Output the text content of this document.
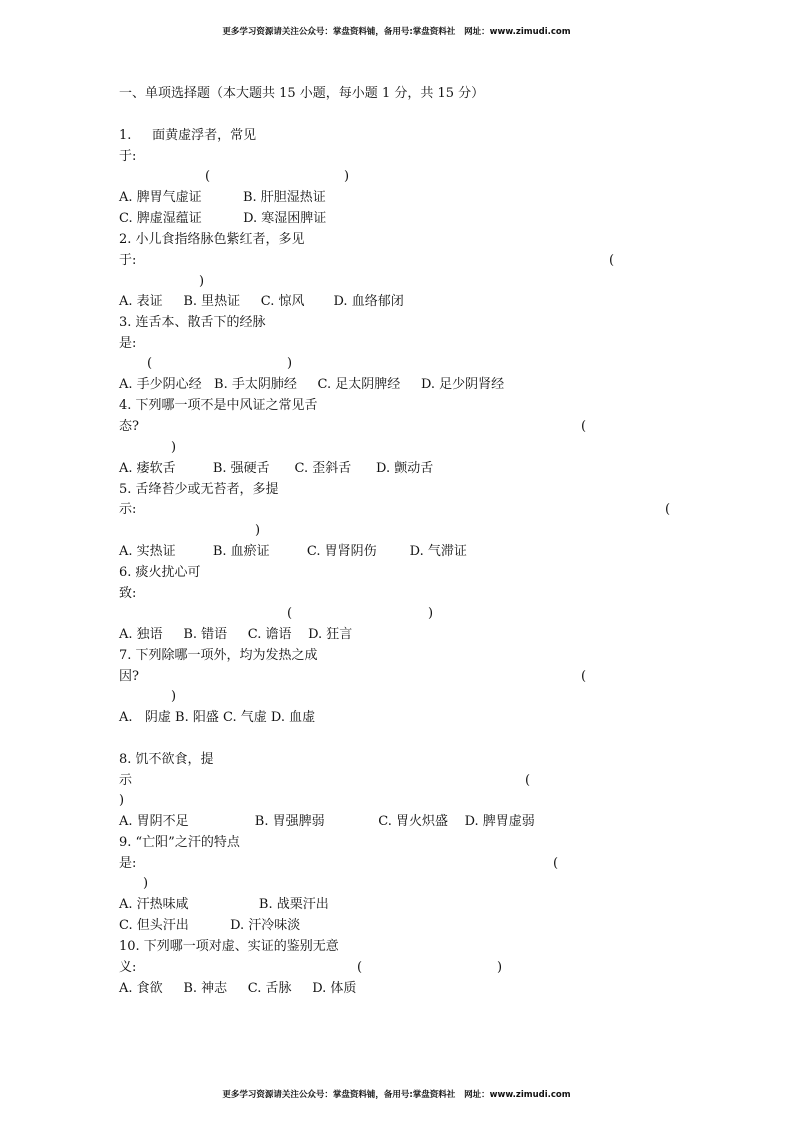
更多学习资源请关注公众号：掌盘资料铺，备用号:掌盘资料社   网址：www.zimudi.com
一、单项选择题（本大题共 15 小题，每小题 1 分，共 15 分）
1.     面黄虚浮者，常见
于:
(	)
A. 脾胃气虚证          B. 肝胆湿热证
C. 脾虚湿蕴证          D. 寒湿困脾证
2. 小儿食指络脉色紫红者，多见
于:	(
)
A. 表证     B. 里热证     C. 惊风       D. 血络郁闭
3. 连舌本、散舌下的经脉
是:
(	)
A. 手少阴心经   B. 手太阴肺经     C. 足太阴脾经     D. 足少阴肾经
4. 下列哪一项不是中风证之常见舌
态?	(
)
A. 痿软舌         B. 强硬舌      C. 歪斜舌      D. 颤动舌
5. 舌绛苔少或无苔者，多提
示:	(
)
A. 实热证         B. 血瘀证         C. 胃肾阴伤        D. 气滞证
6. 痰火扰心可
致:
(	)
A. 独语     B. 错语     C. 谵语    D. 狂言
7. 下列除哪一项外，均为发热之成
因?	(
)
A.   阴虚 B. 阳盛 C. 气虚 D. 血虚
8. 饥不欲食，提
示	(
)
A. 胃阴不足                B. 胃强脾弱             C. 胃火炽盛    D. 脾胃虚弱
9. “亡阳”之汗的特点
是:	(
)
A. 汗热味咸                 B. 战栗汗出
C. 但头汗出          D. 汗冷味淡
10. 下列哪一项对虚、实证的鉴别无意
义:	(	)
A. 食欲     B. 神志     C. 舌脉     D. 体质
更多学习资源请关注公众号：掌盘资料铺，备用号:掌盘资料社   网址：www.zimudi.com
